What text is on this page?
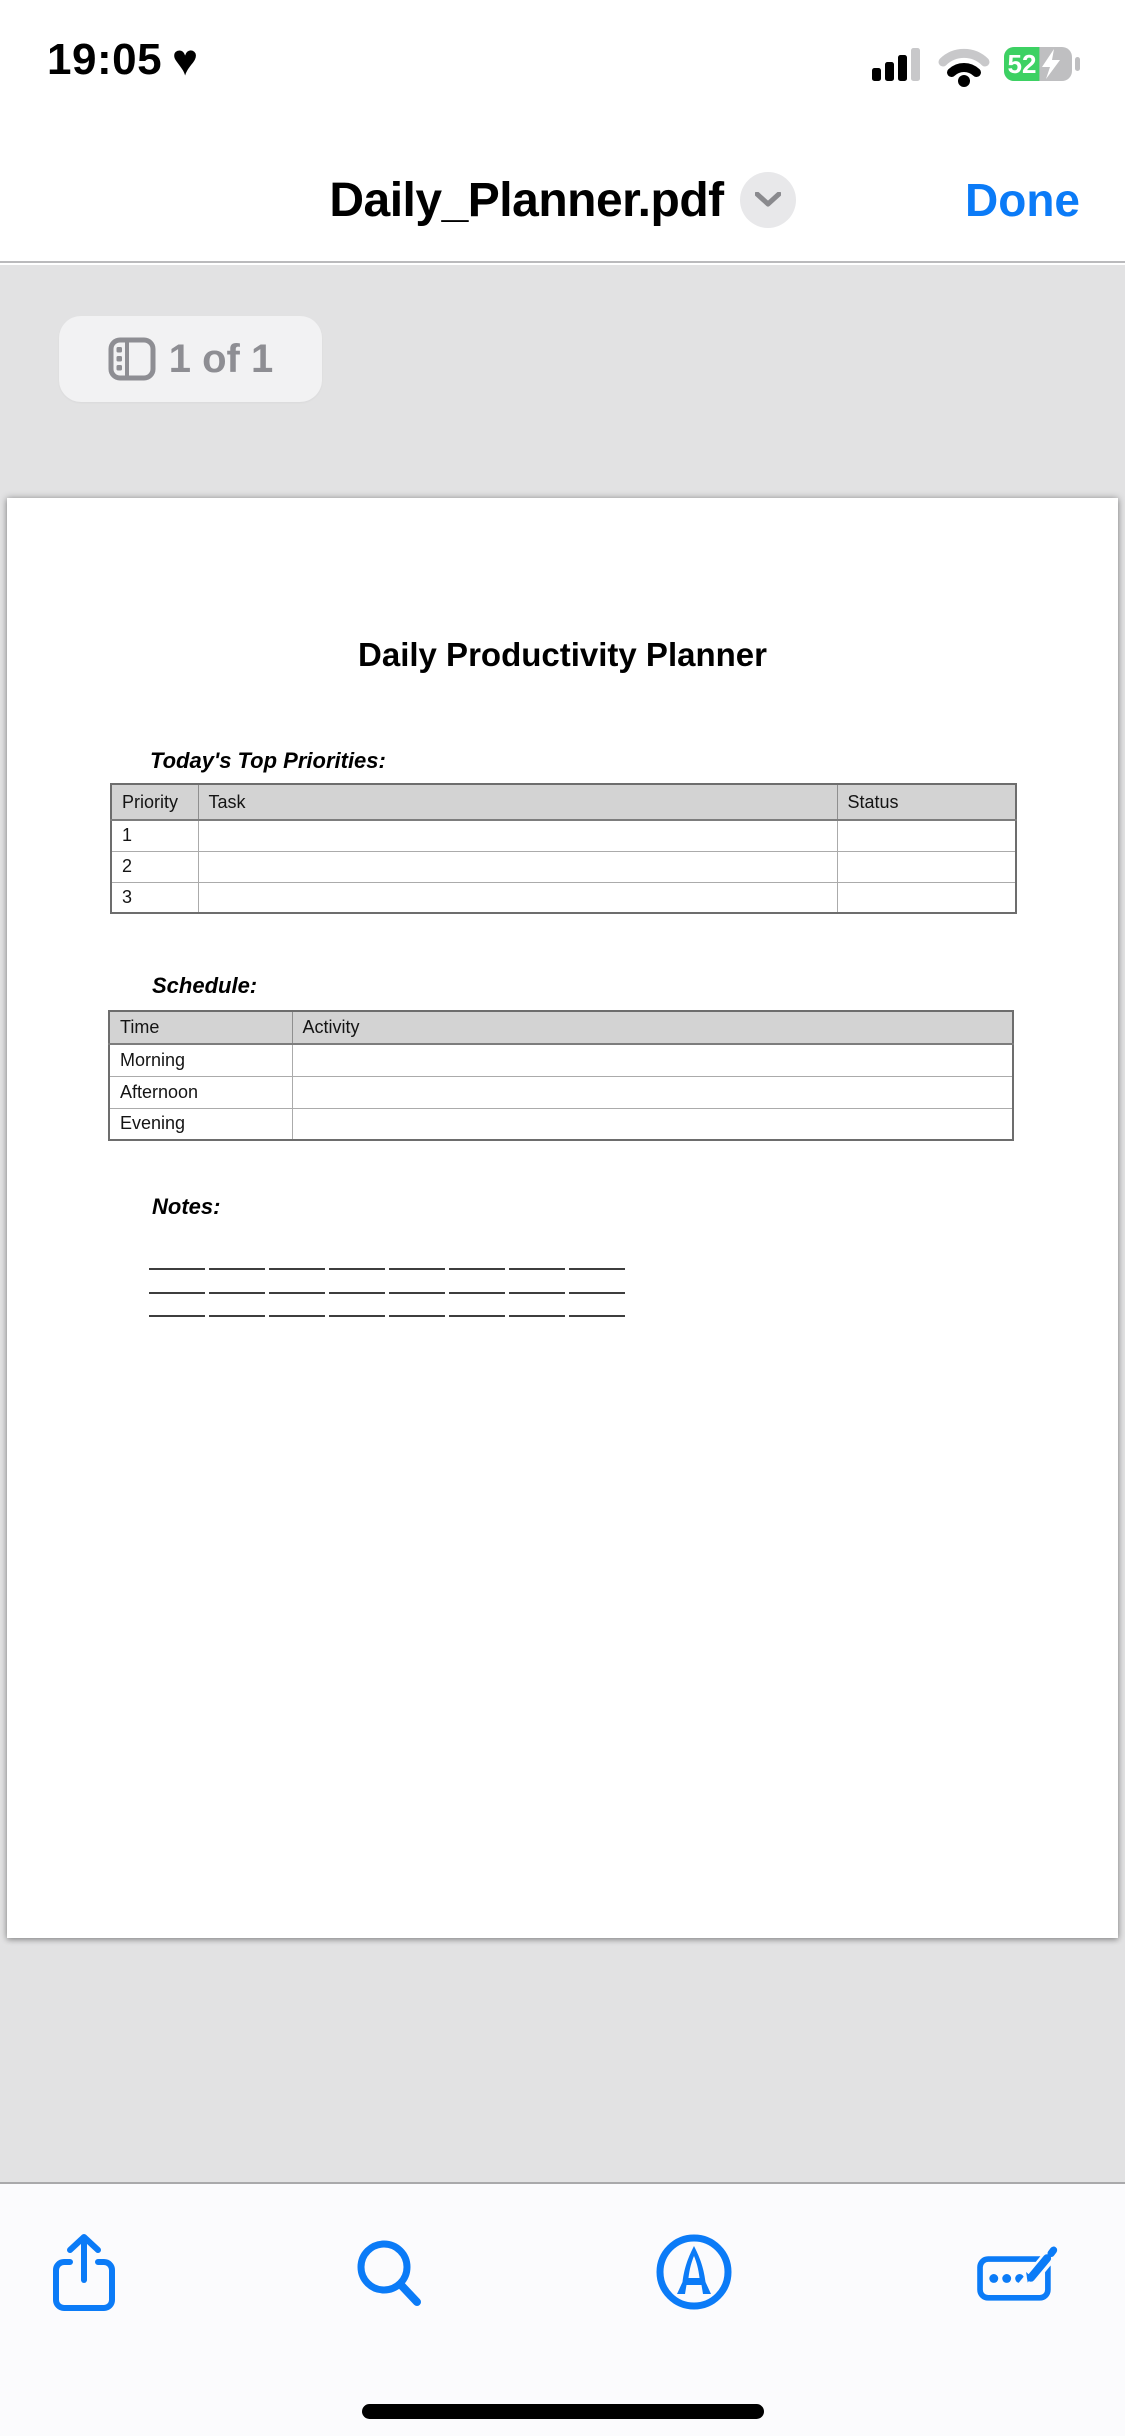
19:05 ♥	52
Daily_Planner.pdf	Done
1 of 1
Daily Productivity Planner
Today's Top Priorities:
Priority	Task	Status
1		
2		
3		
Schedule:
Time	Activity
Morning	
Afternoon	
Evening	
Notes:
